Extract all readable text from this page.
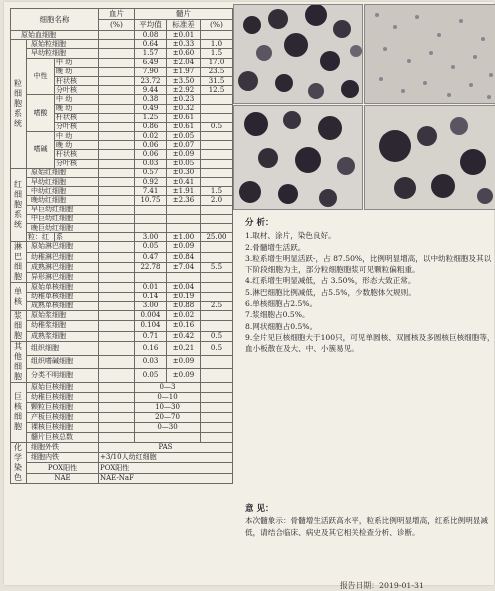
细胞名称			血片	髓片		
			(%)	平均值	标准差	(%)
原始血细胞				0.08	±0.01	
粒细胞系统	原始粒细胞			0.64	±0.33	1.0
	早幼粒细胞			1.57	±0.60	1.5
	中性	中 幼		6.49	±2.04	17.0
		晚 幼		7.90	±1.97	23.5
		杆状核		23.72	±3.50	31.5
		分叶核		9.44	±2.92	12.5
	嗜酸	中 幼		0.38	±0.23	
		晚 幼		0.49	±0.32	
		杆状核		1.25	±0.61	
		分叶核		0.86	±0.61	0.5
	嗜碱	中 幼		0.02	±0.05	
		晚 幼		0.06	±0.07	
		杆状核		0.06	±0.09	
		分叶核		0.03	±0.05	
红细胞系统	原始红细胞			0.57	±0.30	
	早幼红细胞			0.92	±0.41	
	中幼红细胞			7.41	±1.91	1.5
	晚幼红细胞			10.75	±2.36	2.0
	早巨幼红细胞					
	中巨幼红细胞					
	晚巨幼红细胞					
	粒：红	系		3.00	±1.00	25.00
淋巴细胞	原始淋巴细胞			0.05	±0.09	
	幼稚淋巴细胞			0.47	±0.84	
	成熟淋巴细胞			22.78	±7.04	5.5
	异形淋巴细胞					
单核	原始单核细胞			0.01	±0.04	
	幼稚单核细胞			0.14	±0.19	
	成熟单核细胞			3.00	±0.88	2.5
浆细胞	原始浆细胞			0.004	±0.02	
	幼稚浆细胞			0.104	±0.16	
	成熟浆细胞			0.71	±0.42	0.5
其他细胞	组织细胞			0.16	±0.21	0.5
	组织嗜碱细胞			0.03	±0.09	
	分类不明细胞			0.05	±0.09	
巨核细胞	原始巨核细胞			0—3		
	幼稚巨核细胞			0—10		
	颗粒巨核细胞			10—30		
	产板巨核细胞			20—70		
	裸核巨核细胞			0—30		
	髓片巨核总数					
化学染色	细胞外铁		PAS			
	细胞内铁		+3/10人幼红细胞			
	POX阳性		POX阳性			
	NAE		NAE-NaF			
分 析：

1.取材、涂片，染色良好。

2.骨髓增生活跃。

3.粒系增生明显活跃-，占 87.50%，比例明显增高，以中幼粒细胞及其以下阶段细胞为主，部分粒细胞胞浆可见颗粒偏粗重。

4.红系增生明显减低，占 3.50%，形态大致正常。

5.淋巴细胞比例减低，占5.5%，少数胞体欠规则。

6.单核细胞占2.5%。

7.浆细胞占0.5%。

8.网状细胞占0.5%。

9.全片见巨核细胞大于100只，可见单圆核、双圆核及多圆核巨核细胞等，血小板散在及大、中、小簇易见。

意 见：

本次髓象示：骨髓增生活跃高水平，粒系比例明显增高，红系比例明显减低，请结合临床、病史及其它相关检查分析、诊断。

报告日期：2019-01-31
